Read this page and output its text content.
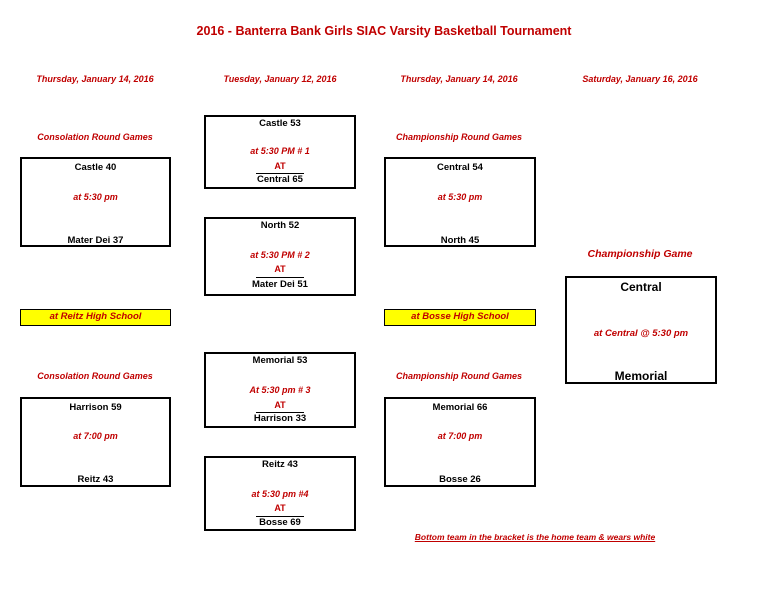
2016 - Banterra Bank Girls SIAC Varsity Basketball Tournament
Thursday, January 14, 2016	Tuesday, January 12, 2016	Thursday, January 14, 2016	Saturday, January 16, 2016
Consolation Round Games	Championship Round Games
Consolation Round Games	Championship Round Games
Championship Game
Castle 40
at 5:30 pm
Mater Dei 37
Harrison 59
at 7:00 pm
Reitz 43
Castle 53
at 5:30 PM # 1
AT
Central 65
North 52
at 5:30 PM # 2
AT
Mater Dei 51
Memorial 53
At 5:30 pm # 3
AT
Harrison 33
Reitz 43
at 5:30 pm #4
AT
Bosse 69
Central 54
at 5:30 pm
North 45
Memorial 66
at 7:00 pm
Bosse 26
at Reitz High School	at Bosse High School
Central
at Central @ 5:30 pm
Memorial
Bottom team in the bracket is the home team & wears white
